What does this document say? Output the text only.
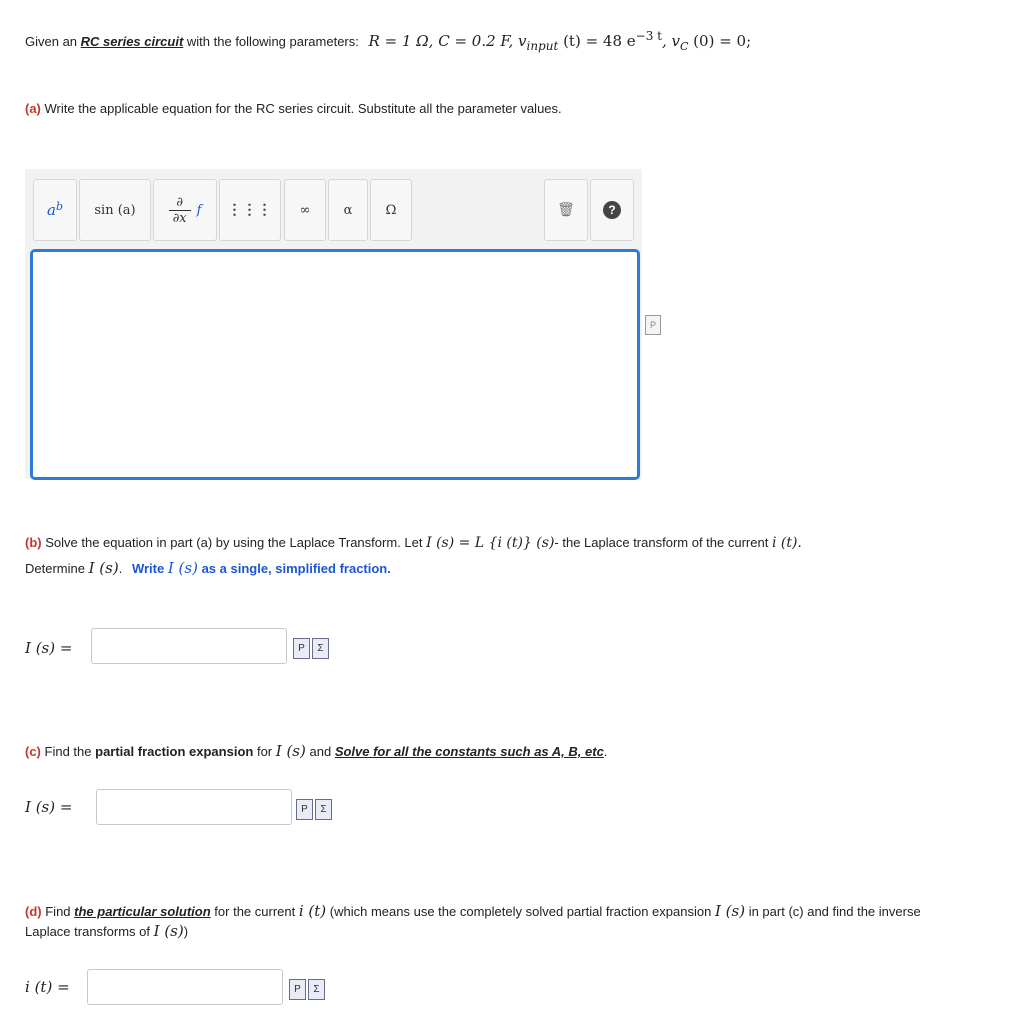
Given an RC series circuit with the following parameters: R = 1 Ω, C = 0.2 F, $v_{input}$ (t) = 48 $e^{-3 t}$, $v_C$ (0) = 0;
(a) Write the applicable equation for the RC series circuit. Substitute all the parameter values.
$a^b$ sin (a)
∂
∂x
f ⋮⋮⋮ ∞	α	Ω	🗑	?
P
(b) Solve the equation in part (a) by using the Laplace Transform. Let I (s) = L {i (t)} (s)- the Laplace transform of the current i (t).
Determine I (s). Write I (s) as a single, simplified fraction.
I (s) =	P	Σ
(c) Find the partial fraction expansion for I (s) and Solve for all the constants such as A, B, etc.
I (s) =	P	Σ
(d) Find the particular solution for the current i (t) (which means use the completely solved partial fraction expansion I (s) in part (c) and find the inverse
Laplace transforms of I (s))
i (t) =	P	Σ
